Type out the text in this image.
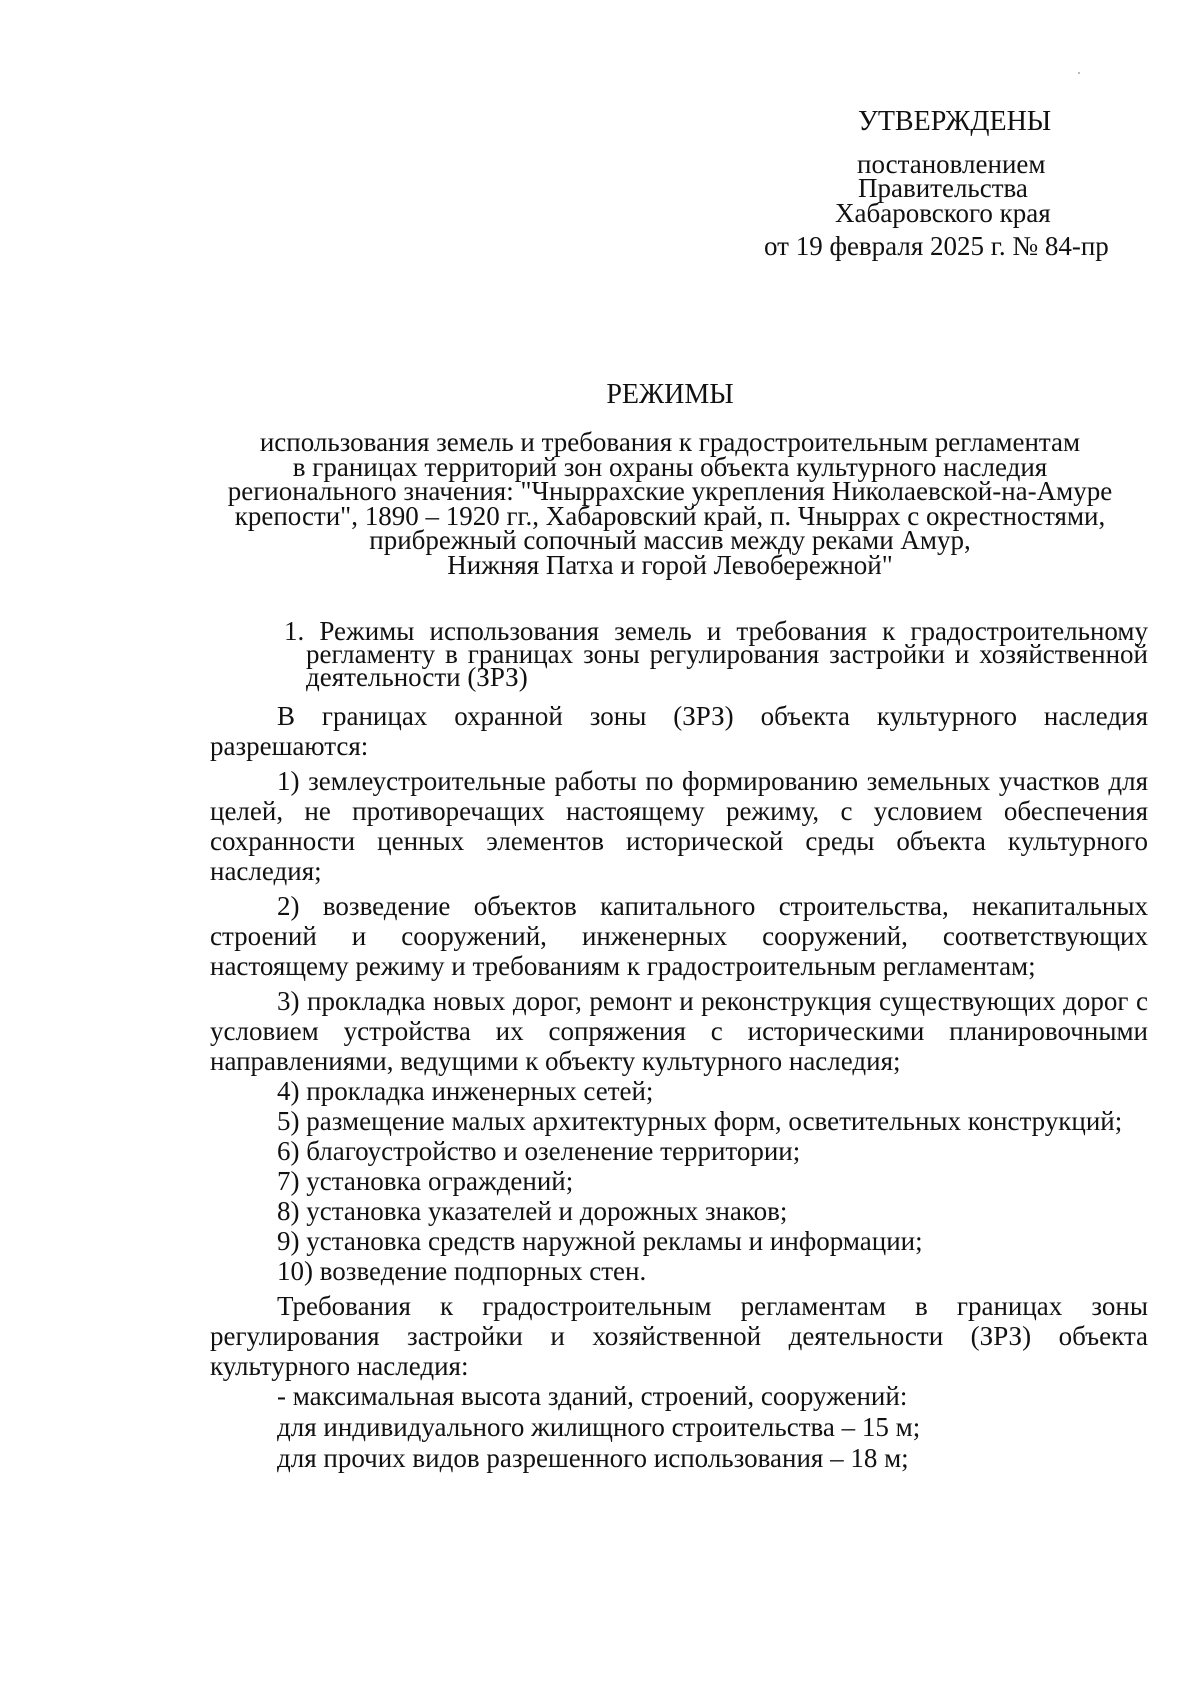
УТВЕРЖДЕНЫ
постановлением
Правительства
Хабаровского края
от 19 февраля 2025 г. № 84-пр
РЕЖИМЫ
использования земель и требования к градостроительным регламентам
в границах территорий зон охраны объекта культурного наследия
регионального значения: "Чныррахские укрепления Николаевской-на-Амуре
крепости", 1890 – 1920 гг., Хабаровский край, п. Чныррах с окрестностями,
прибрежный сопочный массив между реками Амур,
Нижняя Патха и горой Левобережной"

1. Режимы использования земель и требования к градостроительному регламенту в границах зоны регулирования застройки и хозяйственной деятельности (ЗРЗ)

В границах охранной зоны (ЗРЗ) объекта культурного наследия разрешаются:

1) землеустроительные работы по формированию земельных участков для целей, не противоречащих настоящему режиму, с условием обеспечения сохранности ценных элементов исторической среды объекта культурного наследия;

2) возведение объектов капитального строительства, некапитальных строений и сооружений, инженерных сооружений, соответствующих настоящему режиму и требованиям к градостроительным регламентам;

3) прокладка новых дорог, ремонт и реконструкция существующих дорог с условием устройства их сопряжения с историческими планировочными направлениями, ведущими к объекту культурного наследия;

4) прокладка инженерных сетей;

5) размещение малых архитектурных форм, осветительных конструкций;

6) благоустройство и озеленение территории;

7) установка ограждений;

8) установка указателей и дорожных знаков;

9) установка средств наружной рекламы и информации;

10) возведение подпорных стен.

Требования к градостроительным регламентам в границах зоны регулирования застройки и хозяйственной деятельности (ЗРЗ) объекта культурного наследия:

- максимальная высота зданий, строений, сооружений:

для индивидуального жилищного строительства – 15 м;

для прочих видов разрешенного использования – 18 м;
